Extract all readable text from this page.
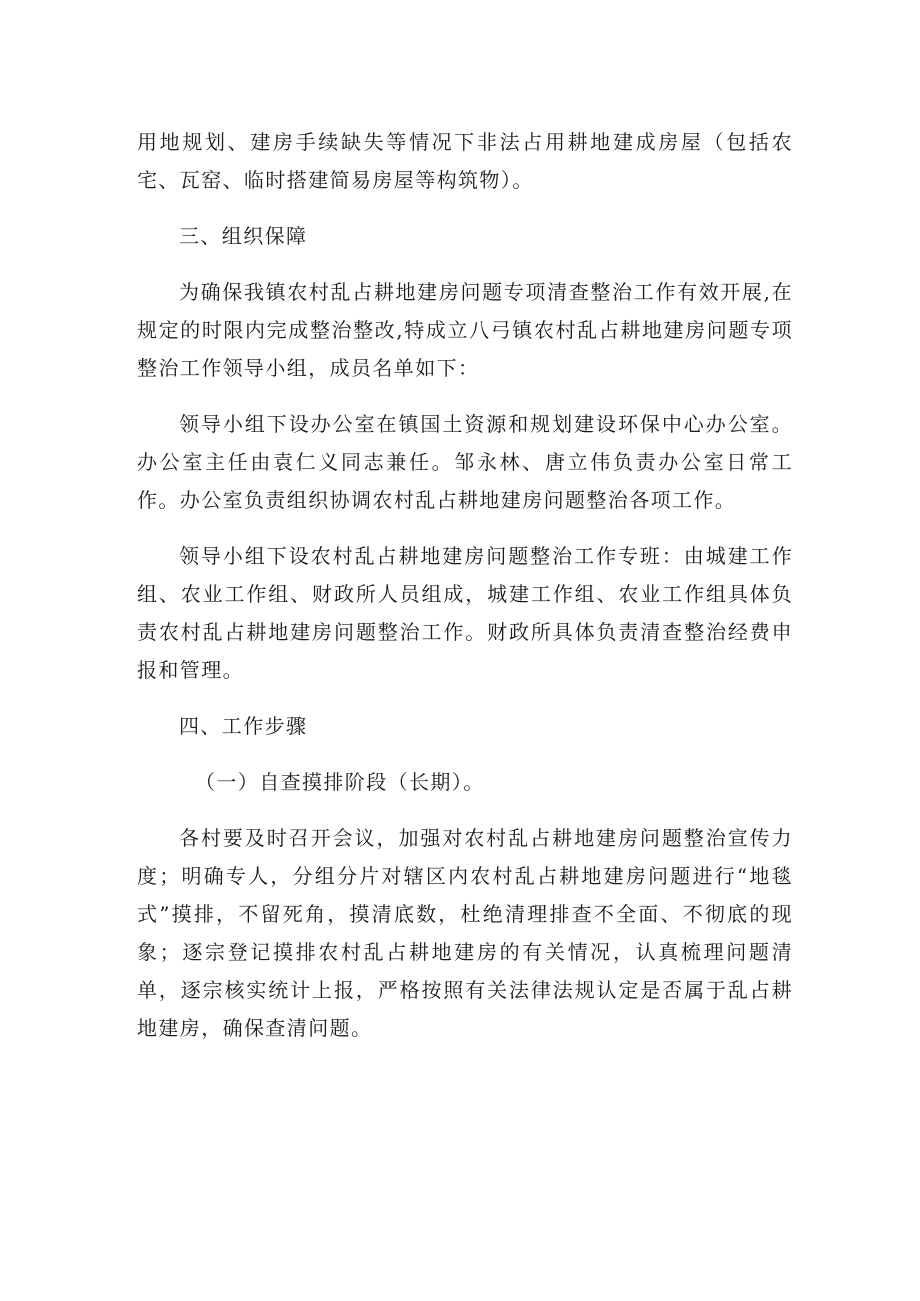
用地规划、建房手续缺失等情况下非法占用耕地建成房屋（包括农宅、瓦窑、临时搭建简易房屋等构筑物）。

三、组织保障

为确保我镇农村乱占耕地建房问题专项清查整治工作有效开展,在规定的时限内完成整治整改,特成立八弓镇农村乱占耕地建房问题专项整治工作领导小组，成员名单如下：

领导小组下设办公室在镇国土资源和规划建设环保中心办公室。办公室主任由袁仁义同志兼任。邹永林、唐立伟负责办公室日常工作。办公室负责组织协调农村乱占耕地建房问题整治各项工作。

领导小组下设农村乱占耕地建房问题整治工作专班：由城建工作组、农业工作组、财政所人员组成，城建工作组、农业工作组具体负责农村乱占耕地建房问题整治工作。财政所具体负责清查整治经费申报和管理。

四、工作步骤

（一）自查摸排阶段（长期）。

各村要及时召开会议，加强对农村乱占耕地建房问题整治宣传力度；明确专人，分组分片对辖区内农村乱占耕地建房问题进行“地毯式”摸排，不留死角，摸清底数，杜绝清理排查不全面、不彻底的现象；逐宗登记摸排农村乱占耕地建房的有关情况，认真梳理问题清单，逐宗核实统计上报，严格按照有关法律法规认定是否属于乱占耕地建房，确保查清问题。
